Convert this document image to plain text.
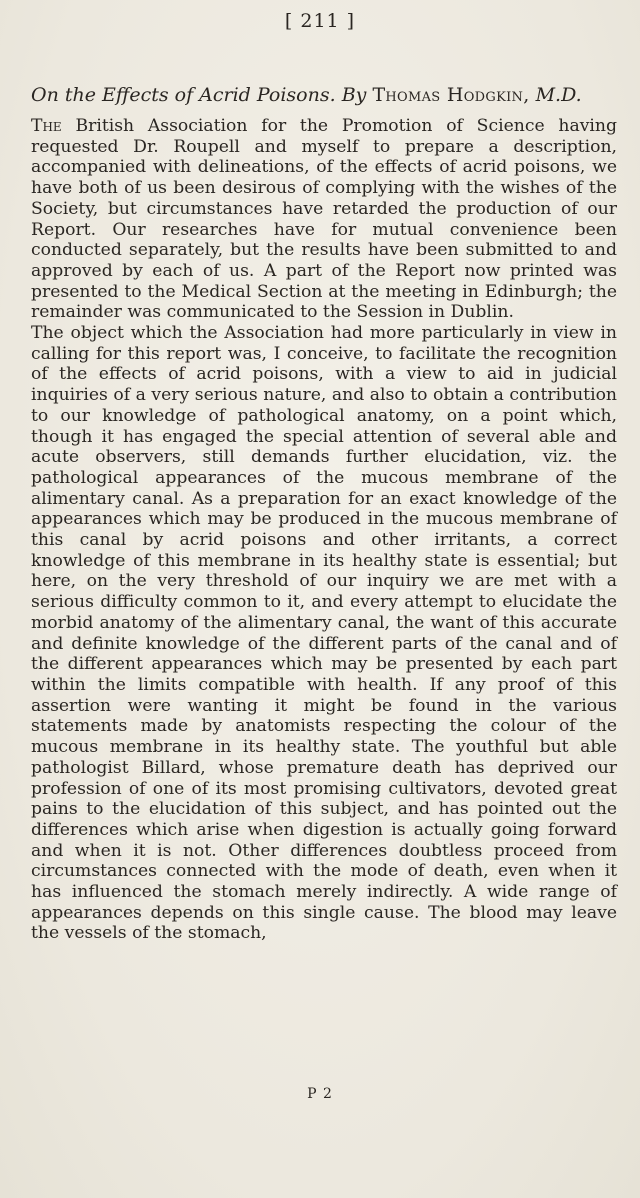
[ 211 ]
On the Effects of Acrid Poisons. By Thomas Hodgkin, M.D.

The British Association for the Promotion of Science having requested Dr. Roupell and myself to prepare a description, accompanied with delineations, of the effects of acrid poisons, we have both of us been desirous of complying with the wishes of the Society, but circumstances have retarded the production of our Report. Our researches have for mutual convenience been conducted separately, but the results have been submitted to and approved by each of us. A part of the Report now printed was presented to the Medical Section at the meeting in Edinburgh; the remainder was communicated to the Session in Dublin.

The object which the Association had more particularly in view in calling for this report was, I conceive, to facilitate the recognition of the effects of acrid poisons, with a view to aid in judicial inquiries of a very serious nature, and also to obtain a contribution to our knowledge of pathological anatomy, on a point which, though it has engaged the special attention of several able and acute observers, still demands further elucidation, viz. the pathological appearances of the mucous membrane of the alimentary canal. As a preparation for an exact knowledge of the appearances which may be produced in the mucous membrane of this canal by acrid poisons and other irritants, a correct knowledge of this membrane in its healthy state is essential; but here, on the very threshold of our inquiry we are met with a serious difficulty common to it, and every attempt to elucidate the morbid anatomy of the alimentary canal, the want of this accurate and definite knowledge of the different parts of the canal and of the different appearances which may be presented by each part within the limits compatible with health. If any proof of this assertion were wanting it might be found in the various statements made by anatomists respecting the colour of the mucous membrane in its healthy state. The youthful but able pathologist Billard, whose premature death has deprived our profession of one of its most promising cultivators, devoted great pains to the elucidation of this subject, and has pointed out the differences which arise when digestion is actually going forward and when it is not. Other differences doubtless proceed from circumstances connected with the mode of death, even when it has influenced the stomach merely indirectly. A wide range of appearances depends on this single cause. The blood may leave the vessels of the stomach,

P 2
